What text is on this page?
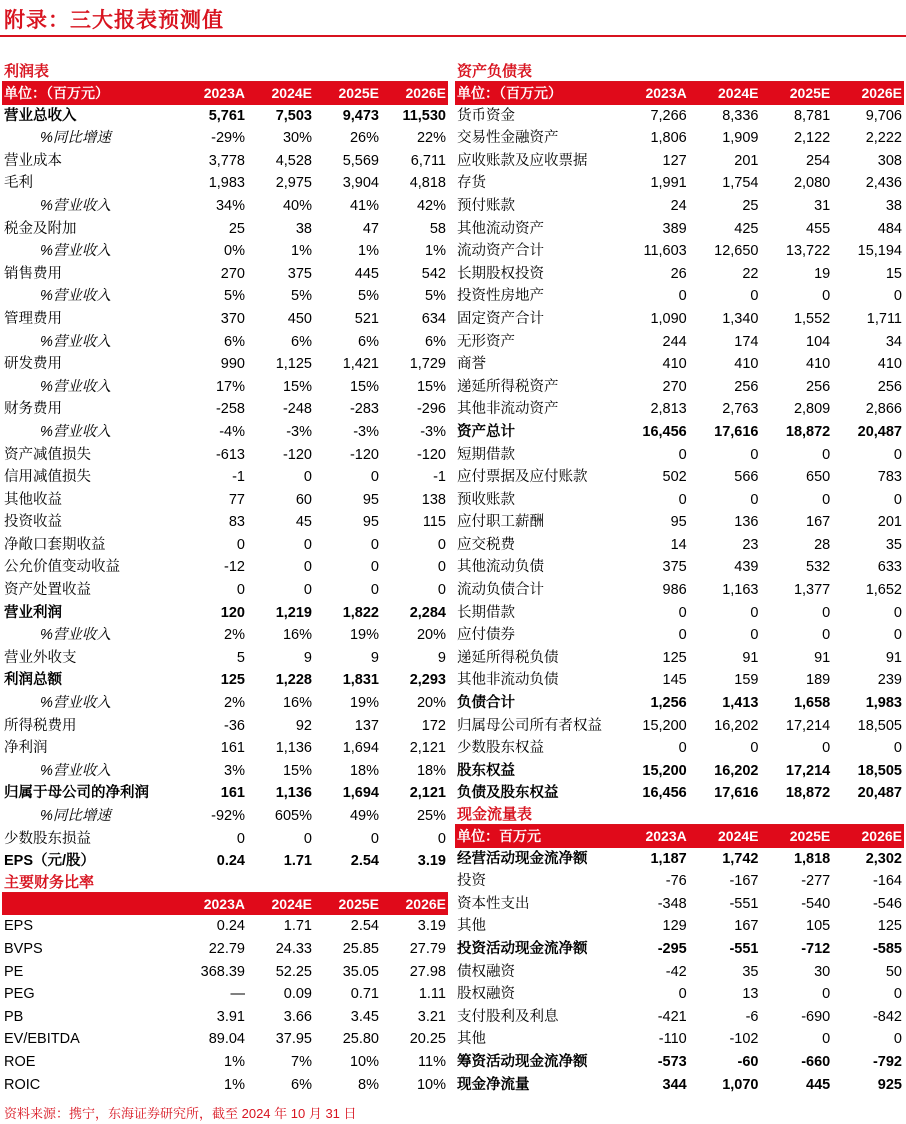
附录：三大报表预测值
利润表
单位：（百万元）	2023A	2024E	2025E	2026E
营业总收入	5,761	7,503	9,473	11,530
%同比增速	-29%	30%	26%	22%
营业成本	3,778	4,528	5,569	6,711
毛利	1,983	2,975	3,904	4,818
%营业收入	34%	40%	41%	42%
税金及附加	25	38	47	58
%营业收入	0%	1%	1%	1%
销售费用	270	375	445	542
%营业收入	5%	5%	5%	5%
管理费用	370	450	521	634
%营业收入	6%	6%	6%	6%
研发费用	990	1,125	1,421	1,729
%营业收入	17%	15%	15%	15%
财务费用	-258	-248	-283	-296
%营业收入	-4%	-3%	-3%	-3%
资产减值损失	-613	-120	-120	-120
信用减值损失	-1	0	0	-1
其他收益	77	60	95	138
投资收益	83	45	95	115
净敞口套期收益	0	0	0	0
公允价值变动收益	-12	0	0	0
资产处置收益	0	0	0	0
营业利润	120	1,219	1,822	2,284
%营业收入	2%	16%	19%	20%
营业外收支	5	9	9	9
利润总额	125	1,228	1,831	2,293
%营业收入	2%	16%	19%	20%
所得税费用	-36	92	137	172
净利润	161	1,136	1,694	2,121
%营业收入	3%	15%	18%	18%
归属于母公司的净利润	161	1,136	1,694	2,121
%同比增速	-92%	605%	49%	25%
少数股东损益	0	0	0	0
EPS（元/股）	0.24	1.71	2.54	3.19
主要财务比率
	2023A	2024E	2025E	2026E
EPS	0.24	1.71	2.54	3.19
BVPS	22.79	24.33	25.85	27.79
PE	368.39	52.25	35.05	27.98
PEG	—	0.09	0.71	1.11
PB	3.91	3.66	3.45	3.21
EV/EBITDA	89.04	37.95	25.80	20.25
ROE	1%	7%	10%	11%
ROIC	1%	6%	8%	10%
资产负债表
单位：（百万元）	2023A	2024E	2025E	2026E
货币资金	7,266	8,336	8,781	9,706
交易性金融资产	1,806	1,909	2,122	2,222
应收账款及应收票据	127	201	254	308
存货	1,991	1,754	2,080	2,436
预付账款	24	25	31	38
其他流动资产	389	425	455	484
流动资产合计	11,603	12,650	13,722	15,194
长期股权投资	26	22	19	15
投资性房地产	0	0	0	0
固定资产合计	1,090	1,340	1,552	1,711
无形资产	244	174	104	34
商誉	410	410	410	410
递延所得税资产	270	256	256	256
其他非流动资产	2,813	2,763	2,809	2,866
资产总计	16,456	17,616	18,872	20,487
短期借款	0	0	0	0
应付票据及应付账款	502	566	650	783
预收账款	0	0	0	0
应付职工薪酬	95	136	167	201
应交税费	14	23	28	35
其他流动负债	375	439	532	633
流动负债合计	986	1,163	1,377	1,652
长期借款	0	0	0	0
应付债券	0	0	0	0
递延所得税负债	125	91	91	91
其他非流动负债	145	159	189	239
负债合计	1,256	1,413	1,658	1,983
归属母公司所有者权益	15,200	16,202	17,214	18,505
少数股东权益	0	0	0	0
股东权益	15,200	16,202	17,214	18,505
负债及股东权益	16,456	17,616	18,872	20,487
现金流量表
单位：百万元	2023A	2024E	2025E	2026E
经营活动现金流净额	1,187	1,742	1,818	2,302
投资	-76	-167	-277	-164
资本性支出	-348	-551	-540	-546
其他	129	167	105	125
投资活动现金流净额	-295	-551	-712	-585
债权融资	-42	35	30	50
股权融资	0	13	0	0
支付股利及利息	-421	-6	-690	-842
其他	-110	-102	0	0
筹资活动现金流净额	-573	-60	-660	-792
现金净流量	344	1,070	445	925
资料来源：携宁，东海证券研究所，截至 2024 年 10 月 31 日
